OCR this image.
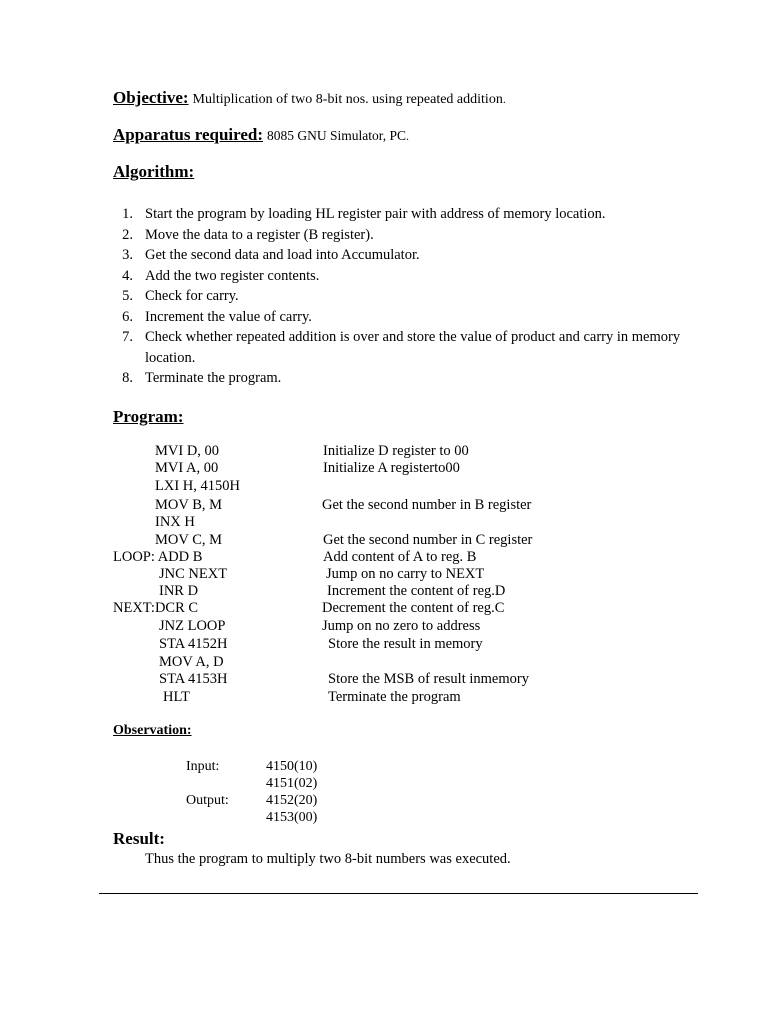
Objective: Multiplication of two 8-bit nos. using repeated addition.
Apparatus required: 8085 GNU Simulator, PC.
Algorithm:
1. Start the program by loading HL register pair with address of memory location.
2. Move the data to a register (B register).
3. Get the second data and load into Accumulator.
4. Add the two register contents.
5. Check for carry.
6. Increment the value of carry.
7. Check whether repeated addition is over and store the value of product and carry in memory
location.
8. Terminate the program.
Program:
MVI D, 00	Initialize D register to 00
MVI A, 00	Initialize A registerto00
LXI H, 4150H
MOV B, M	Get the second number in B register
INX H
MOV C, M	Get the second number in C register
LOOP: ADD B	Add content of A to reg. B
JNC NEXT	Jump on no carry to NEXT
INR D	Increment the content of reg.D
NEXT:DCR C	Decrement the content of reg.C
JNZ LOOP	Jump on no zero to address
STA 4152H	Store the result in memory
MOV A, D
STA 4153H	Store the MSB of result inmemory
HLT	Terminate the program
Observation:
Input:	4150(10)
4151(02)
Output:	4152(20)
4153(00)
Result:
Thus the program to multiply two 8-bit numbers was executed.
